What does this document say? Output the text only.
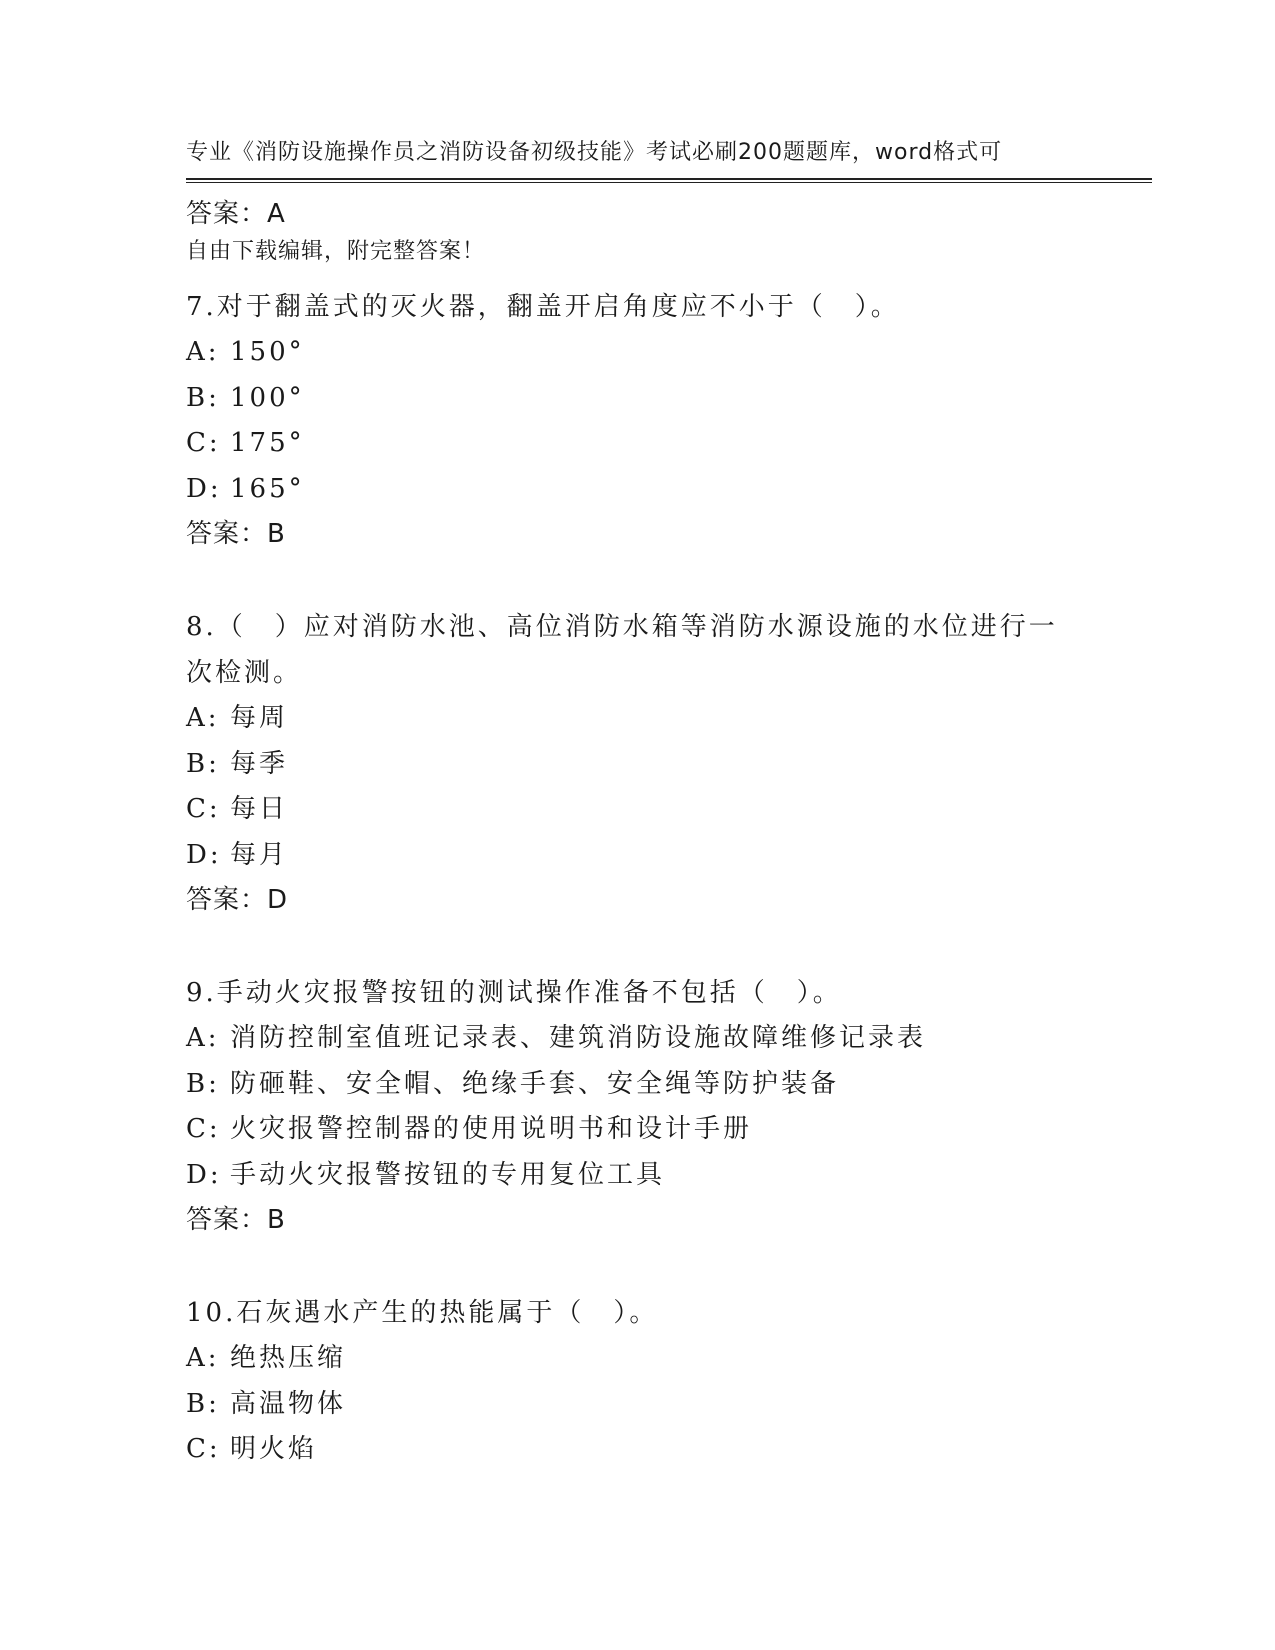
专业《消防设施操作员之消防设备初级技能》考试必刷200题题库，word格式可

自由下载编辑，附完整答案！

答案：A
7.对于翻盖式的灭火器，翻盖开启角度应不小于（　）。
A: 150°
B: 100°
C: 175°
D: 165°
答案：B
8.（　）应对消防水池、高位消防水箱等消防水源设施的水位进行一
次检测。
A: 每周
B: 每季
C: 每日
D: 每月
答案：D
9.手动火灾报警按钮的测试操作准备不包括（　）。
A: 消防控制室值班记录表、建筑消防设施故障维修记录表
B: 防砸鞋、安全帽、绝缘手套、安全绳等防护装备
C: 火灾报警控制器的使用说明书和设计手册
D: 手动火灾报警按钮的专用复位工具
答案：B
10.石灰遇水产生的热能属于（　）。
A: 绝热压缩
B: 高温物体
C: 明火焰
